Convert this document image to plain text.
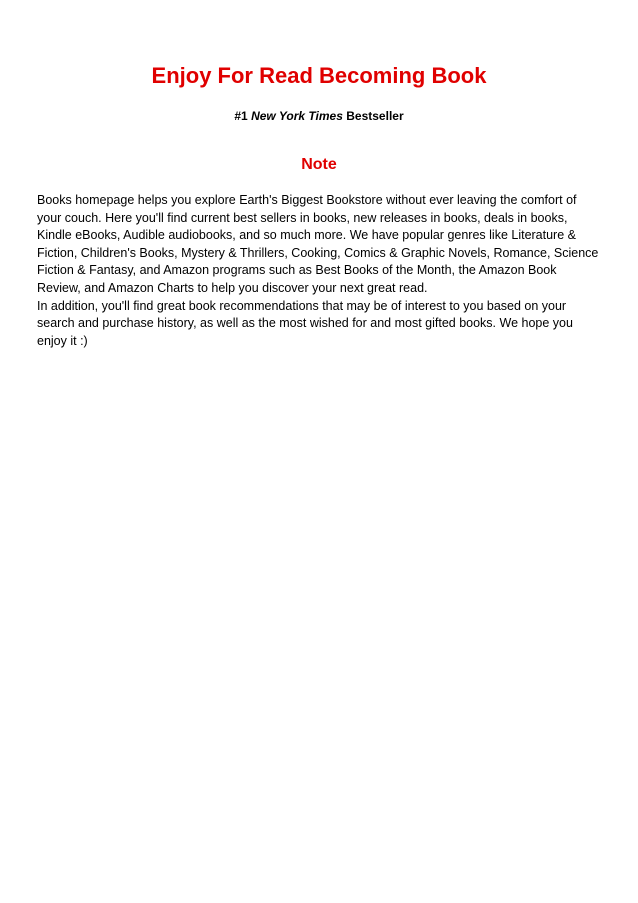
Enjoy For Read Becoming Book
#1 New York Times Bestseller
Note

Books homepage helps you explore Earth's Biggest Bookstore without ever leaving the comfort of your couch. Here you'll find current best sellers in books, new releases in books, deals in books, Kindle eBooks, Audible audiobooks, and so much more. We have popular genres like Literature & Fiction, Children's Books, Mystery & Thrillers, Cooking, Comics & Graphic Novels, Romance, Science Fiction & Fantasy, and Amazon programs such as Best Books of the Month, the Amazon Book Review, and Amazon Charts to help you discover your next great read.

In addition, you'll find great book recommendations that may be of interest to you based on your search and purchase history, as well as the most wished for and most gifted books. We hope you enjoy it :)
